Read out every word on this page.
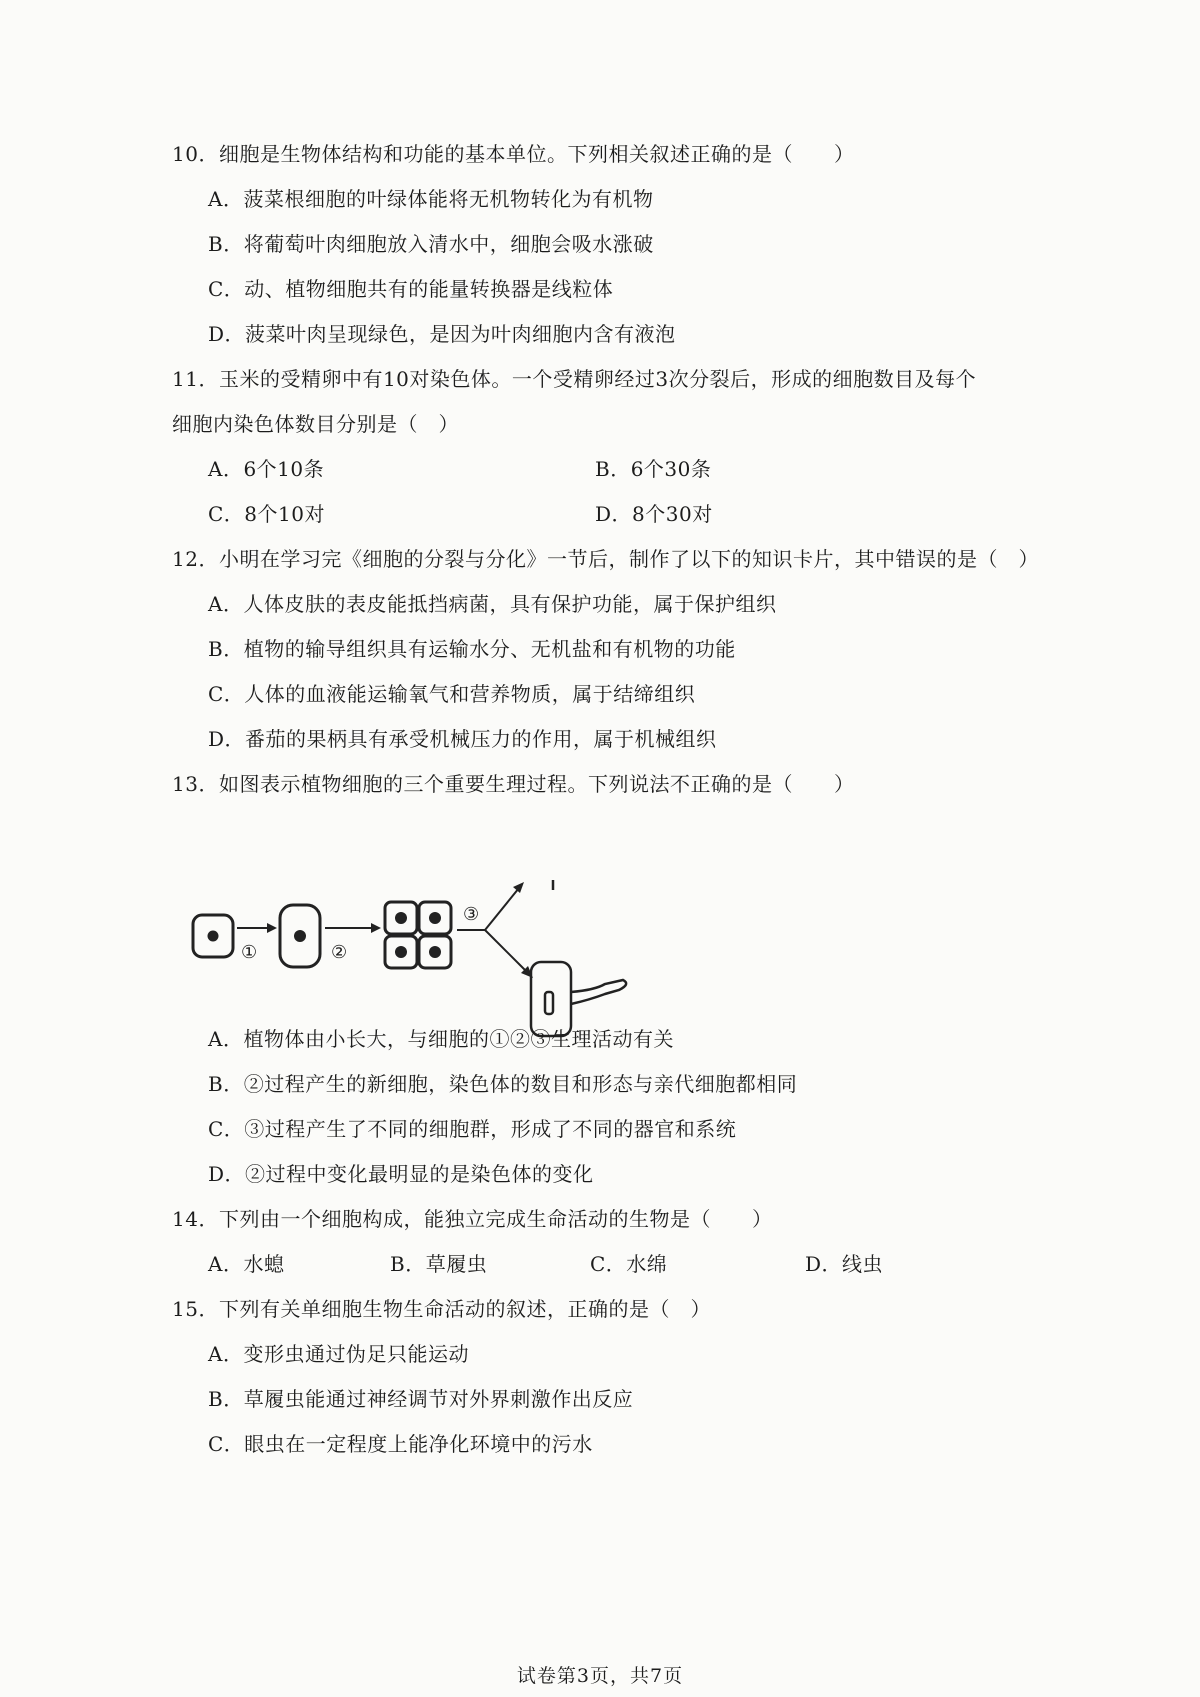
10．细胞是生物体结构和功能的基本单位。下列相关叙述正确的是（　　）
A．菠菜根细胞的叶绿体能将无机物转化为有机物
B．将葡萄叶肉细胞放入清水中，细胞会吸水涨破
C．动、植物细胞共有的能量转换器是线粒体
D．菠菜叶肉呈现绿色，是因为叶肉细胞内含有液泡
11．玉米的受精卵中有10对染色体。一个受精卵经过3次分裂后，形成的细胞数目及每个
细胞内染色体数目分别是（　）
A．6个10条	B．6个30条
C．8个10对	D．8个30对
12．小明在学习完《细胞的分裂与分化》一节后，制作了以下的知识卡片，其中错误的是（　）
A．人体皮肤的表皮能抵挡病菌，具有保护功能，属于保护组织
B．植物的输导组织具有运输水分、无机盐和有机物的功能
C．人体的血液能运输氧气和营养物质，属于结缔组织
D．番茄的果柄具有承受机械压力的作用，属于机械组织
13．如图表示植物细胞的三个重要生理过程。下列说法不正确的是（　　）
①	②
③
A．植物体由小长大，与细胞的①②③生理活动有关
B．②过程产生的新细胞，染色体的数目和形态与亲代细胞都相同
C．③过程产生了不同的细胞群，形成了不同的器官和系统
D．②过程中变化最明显的是染色体的变化
14．下列由一个细胞构成，能独立完成生命活动的生物是（　　）
A．水螅	B．草履虫	C．水绵	D．线虫
15．下列有关单细胞生物生命活动的叙述，正确的是（　）
A．变形虫通过伪足只能运动
B．草履虫能通过神经调节对外界刺激作出反应
C．眼虫在一定程度上能净化环境中的污水
试卷第3页，共7页
